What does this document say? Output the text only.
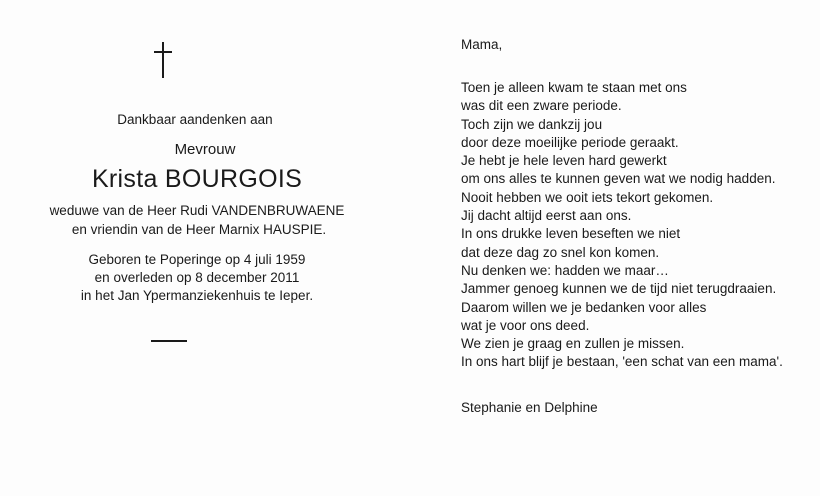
Dankbaar aandenken aan
Mevrouw
Krista BOURGOIS
weduwe van de Heer Rudi VANDENBRUWAENE
en vriendin van de Heer Marnix HAUSPIE.
Geboren te Poperinge op 4 juli 1959
en overleden op 8 december 2011
in het Jan Ypermanziekenhuis te Ieper.
Mama,
Toen je alleen kwam te staan met ons
was dit een zware periode.
Toch zijn we dankzij jou
door deze moeilijke periode geraakt.
Je hebt je hele leven hard gewerkt
om ons alles te kunnen geven wat we nodig hadden.
Nooit hebben we ooit iets tekort gekomen.
Jij dacht altijd eerst aan ons.
In ons drukke leven beseften we niet
dat deze dag zo snel kon komen.
Nu denken we: hadden we maar…
Jammer genoeg kunnen we de tijd niet terugdraaien.
Daarom willen we je bedanken voor alles
wat je voor ons deed.
We zien je graag en zullen je missen.
In ons hart blijf je bestaan, 'een schat van een mama'.
Stephanie en Delphine
